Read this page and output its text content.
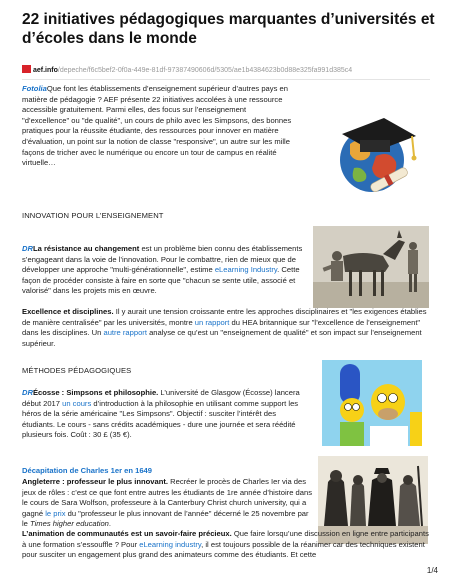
22 initiatives pédagogiques marquantes d’universités et d’écoles dans le monde
aef.info/depeche/f6c5bef2-0f0a-449e-81df-97387490606d/5305/ae1b4384623b0d88e325fa991d385c4
FotoliaQue font les établissements d’enseignement supérieur d’autres pays en matière de pédagogie ? AEF présente 22 initiatives accolées à une ressource accessible gratuitement. Parmi elles, des focus sur l’enseignement "d’excellence" ou "de qualité", un cours de philo avec les Simpsons, des bonnes pratiques pour la réussite étudiante, des ressources pour innover en matière d’évaluation, un point sur la notion de classe "responsive", un autre sur les mille façons de tricher avec le numérique ou encore un tour de campus en réalité virtuelle…
INNOVATION POUR L’ENSEIGNEMENT
DRLa résistance au changement est un problème bien connu des établissements s’engageant dans la voie de l’innovation. Pour le combattre, rien de mieux que de développer une approche "multi-générationnelle", estime eLearning Industry. Cette façon de procéder consiste à faire en sorte que "chacun se sente utile, associé et valorisé" dans les projets mis en œuvre.
Excellence et disciplines. Il y aurait une tension croissante entre les approches disciplinaires et "les exigences établies de manière centralisée" par les universités, montre un rapport du HEA britannique sur "l’excellence de l’enseignement" dans les disciplines. Un autre rapport analyse ce qu’est un "enseignement de qualité" et son impact sur l’enseignement supérieur.
MÉTHODES PÉDAGOGIQUES
DRÉcosse : Simpsons et philosophie. L’université de Glasgow (Écosse) lancera début 2017 un cours d’introduction à la philosophie en utilisant comme support les héros de la série américaine "Les Simpsons". Objectif : susciter l’intérêt des étudiants. Le cours - sans crédits académiques - dure une journée et sera réédité plusieurs fois. Coût : 30 £ (35 €).
Décapitation de Charles 1er en 1649
Angleterre : professeur le plus innovant. Recréer le procès de Charles Ier via des jeux de rôles : c’est ce que font entre autres les étudiants de 1re année d’histoire dans le cours de Sara Wolfson, professeure à la Canterbury Christ church university, qui a gagné le prix du "professeur le plus innovant de l’année" décerné le 25 novembre par le Times higher education.
L’animation de communautés est un savoir-faire précieux. Que faire lorsqu’une discussion en ligne entre participants à une formation s’essouffle ? Pour eLearning industry, il est toujours possible de la réanimer car des techniques existent pour susciter un engagement plus grand des animateurs comme des étudiants. Et cette
1/4
